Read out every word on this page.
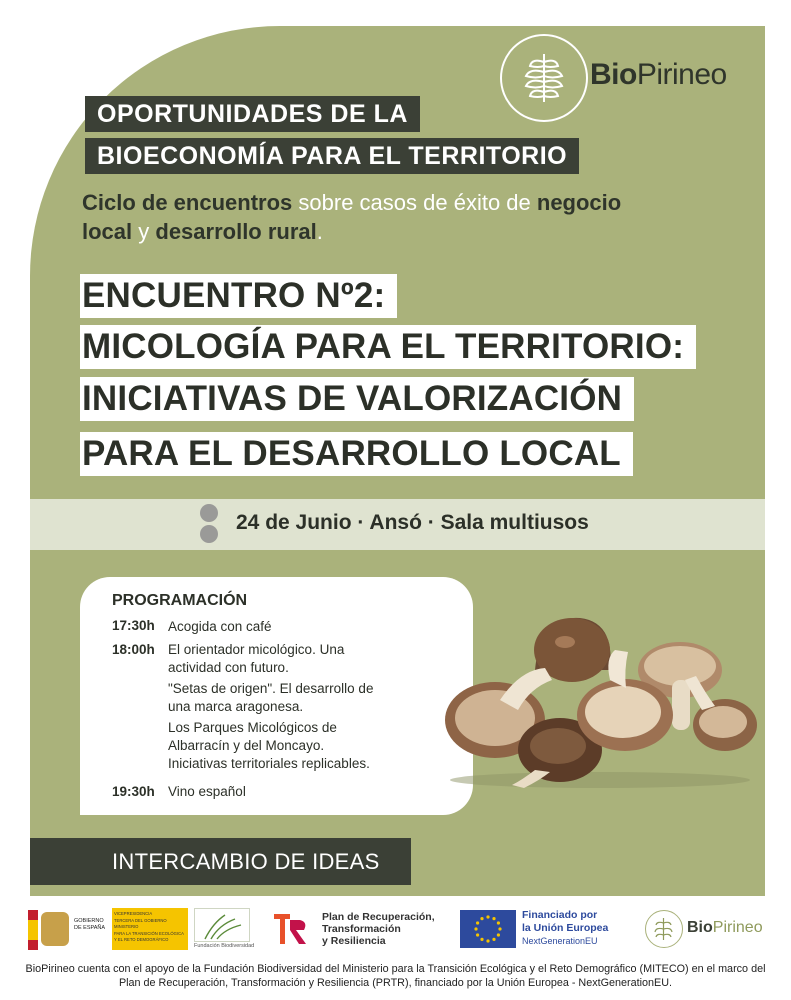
BioPirineo
OPORTUNIDADES DE LA
BIOECONOMÍA PARA EL TERRITORIO
Ciclo de encuentros sobre casos de éxito de negocio local y desarrollo rural.
ENCUENTRO Nº2:
MICOLOGÍA PARA EL TERRITORIO:
INICIATIVAS DE VALORIZACIÓN
PARA EL DESARROLLO LOCAL
24 de Junio · Ansó · Sala multiusos
PROGRAMACIÓN
17:30h Acogida con café
18:00h El orientador micológico. Una
actividad con futuro.
"Setas de origen". El desarrollo de
una marca aragonesa.
Los Parques Micológicos de
Albarracín y del Moncayo.
Iniciativas territoriales replicables.
19:30h Vino español
INTERCAMBIO DE IDEAS
GOBIERNO
DE ESPAÑA
VICEPRESIDENCIA
TERCERA DEL GOBIERNO
MINISTERIO
PARA LA TRANSICIÓN ECOLÓGICA
Y EL RETO DEMOGRÁFICO
Fundación Biodiversidad
Plan de Recuperación,
Transformación
y Resiliencia
Financiado por
la Unión Europea
NextGenerationEU
BioPirineo
BioPirineo cuenta con el apoyo de la Fundación Biodiversidad del Ministerio para la Transición Ecológica y el Reto Demográfico (MITECO) en el marco del Plan de Recuperación, Transformación y Resiliencia (PRTR), financiado por la Unión Europea - NextGenerationEU.
